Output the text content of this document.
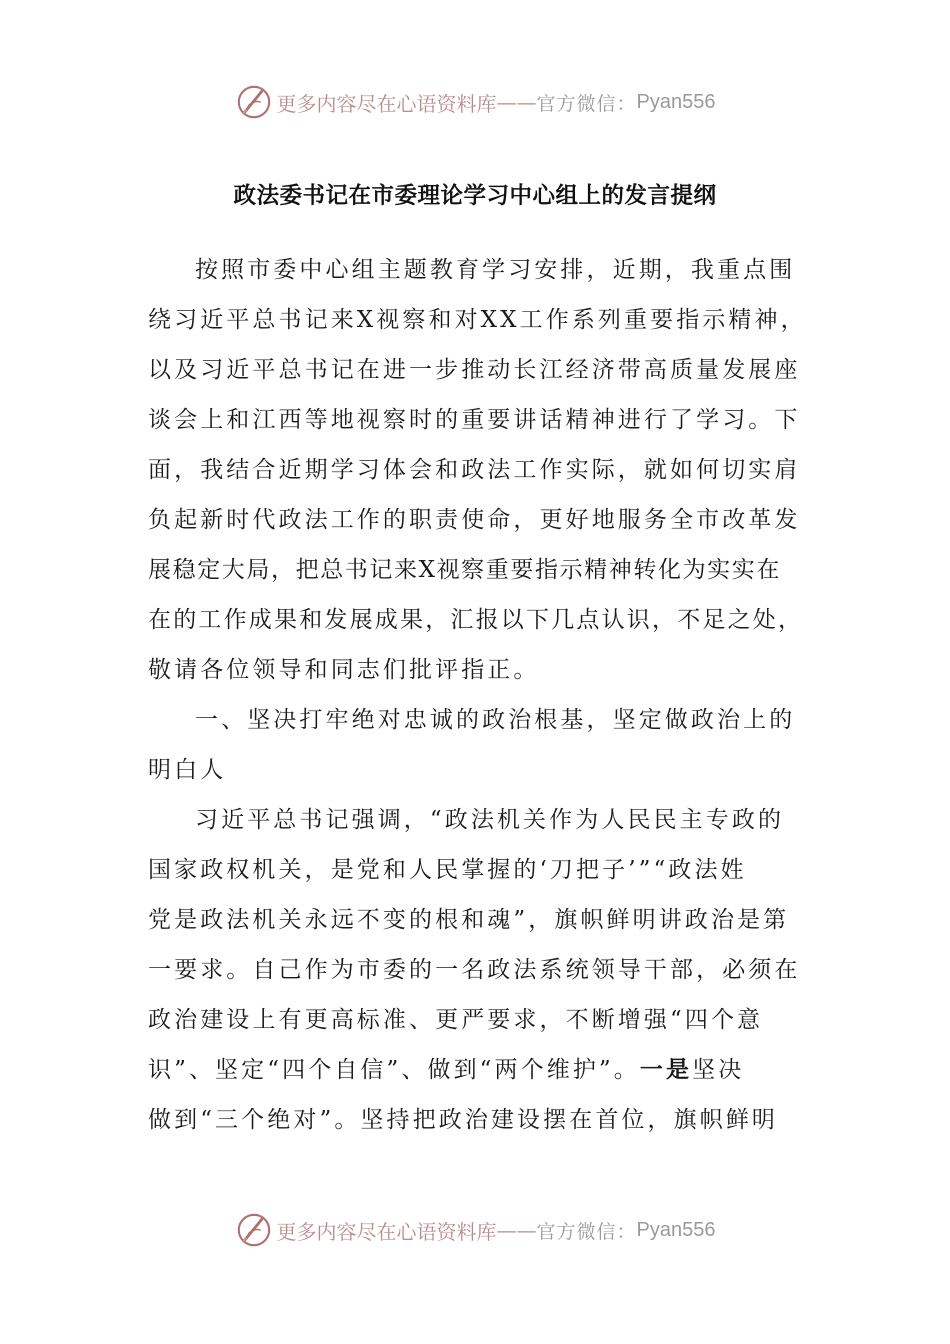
更多内容尽在心语资料库 —— 官方微信： Pyan556
政法委书记在市委理论学习中心组上的发言提纲
按照市委中心组主题教育学习安排，近期，我重点围
绕习近平总书记来X视察和对XX工作系列重要指示精神，
以及习近平总书记在进一步推动长江经济带高质量发展座
谈会上和江西等地视察时的重要讲话精神进行了学习。下
面，我结合近期学习体会和政法工作实际，就如何切实肩
负起新时代政法工作的职责使命，更好地服务全市改革发
展稳定大局，把总书记来X视察重要指示精神转化为实实在
在的工作成果和发展成果，汇报以下几点认识，不足之处，
敬请各位领导和同志们批评指正。
一、坚决打牢绝对忠诚的政治根基，坚定做政治上的
明白人
习近平总书记强调，“政法机关作为人民民主专政的
国家政权机关，是党和人民掌握的‘刀把子’”“政法姓
党是政法机关永远不变的根和魂”，旗帜鲜明讲政治是第
一要求。自己作为市委的一名政法系统领导干部，必须在
政治建设上有更高标准、更严要求，不断增强“四个意
识”、坚定“四个自信”、做到“两个维护”。一是坚决
做到“三个绝对”。坚持把政治建设摆在首位，旗帜鲜明
更多内容尽在心语资料库 —— 官方微信： Pyan556
